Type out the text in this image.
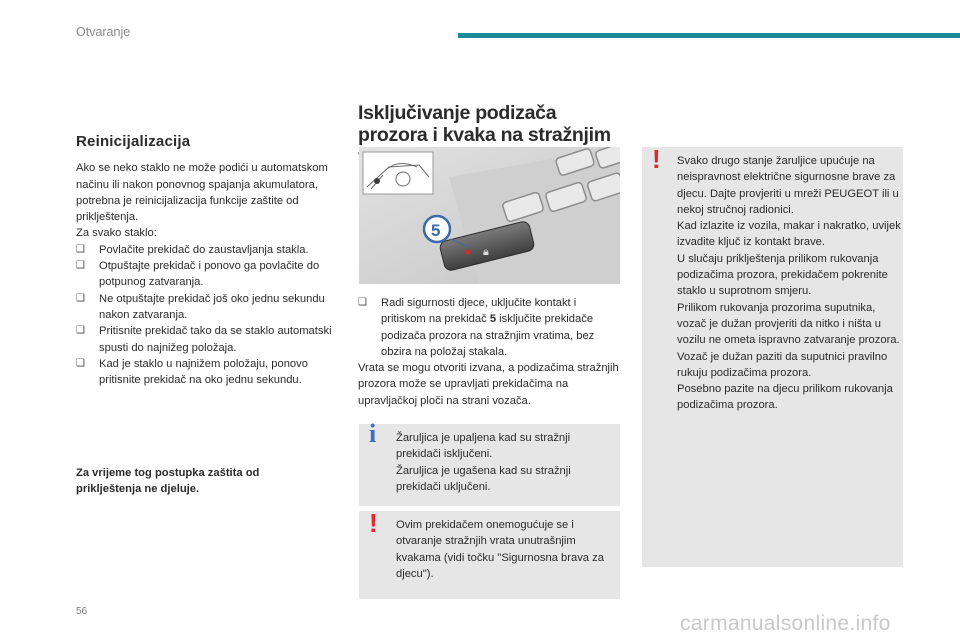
Otvaranje
Reinicijalizacija

Ako se neko staklo ne može podići u automatskom načinu ili nakon ponovnog spajanja akumulatora, potrebna je reinicijalizacija funkcije zaštite od priklještenja.

Za svako staklo:

❑ Povlačite prekidač do zaustavljanja stakla.
❑ Otpuštajte prekidač i ponovo ga povlačite do potpunog zatvaranja.
❑ Ne otpuštajte prekidač još oko jednu sekundu nakon zatvaranja.
❑ Pritisnite prekidač tako da se staklo automatski spusti do najnižeg položaja.
❑ Kad je staklo u najnižem položaju, ponovo pritisnite prekidač na oko jednu sekundu.
Za vrijeme tog postupka zaštita od priklještenja ne djeluje.
Isključivanje podizača prozora i kvaka na stražnjim
🔒︎
5
❑ Radi sigurnosti djece, uključite kontakt i pritiskom na prekidač 5 isključite prekidače podizača prozora na stražnjim vratima, bez obzira na položaj stakala.

Vrata se mogu otvoriti izvana, a podizačima stražnjih prozora može se upravljati prekidačima na upravljačkoj ploči na strani vozača.

i Žaruljica je upaljena kad su stražnji prekidači isključeni.
Žaruljica je ugašena kad su stražnji prekidači uključeni.
! Ovim prekidačem onemogućuje se i otvaranje stražnjih vrata unutrašnjim kvakama (vidi točku "Sigurnosna brava za djecu").
! Svako drugo stanje žaruljice upućuje na neispravnost električne sigurnosne brave za djecu. Dajte provjeriti u mreži PEUGEOT ili u nekoj stručnoj radionici.
Kad izlazite iz vozila, makar i nakratko, uvijek izvadite ključ iz kontakt brave.
U slučaju priklještenja prilikom rukovanja podizačima prozora, prekidačem pokrenite staklo u suprotnom smjeru.
Prilikom rukovanja prozorima suputnika, vozač je dužan provjeriti da nitko i ništa u vozilu ne ometa ispravno zatvaranje prozora.
Vozač je dužan paziti da suputnici pravilno rukuju podizačima prozora.
Posebno pazite na djecu prilikom rukovanja podizačima prozora.
56
carmanualsonline.info
